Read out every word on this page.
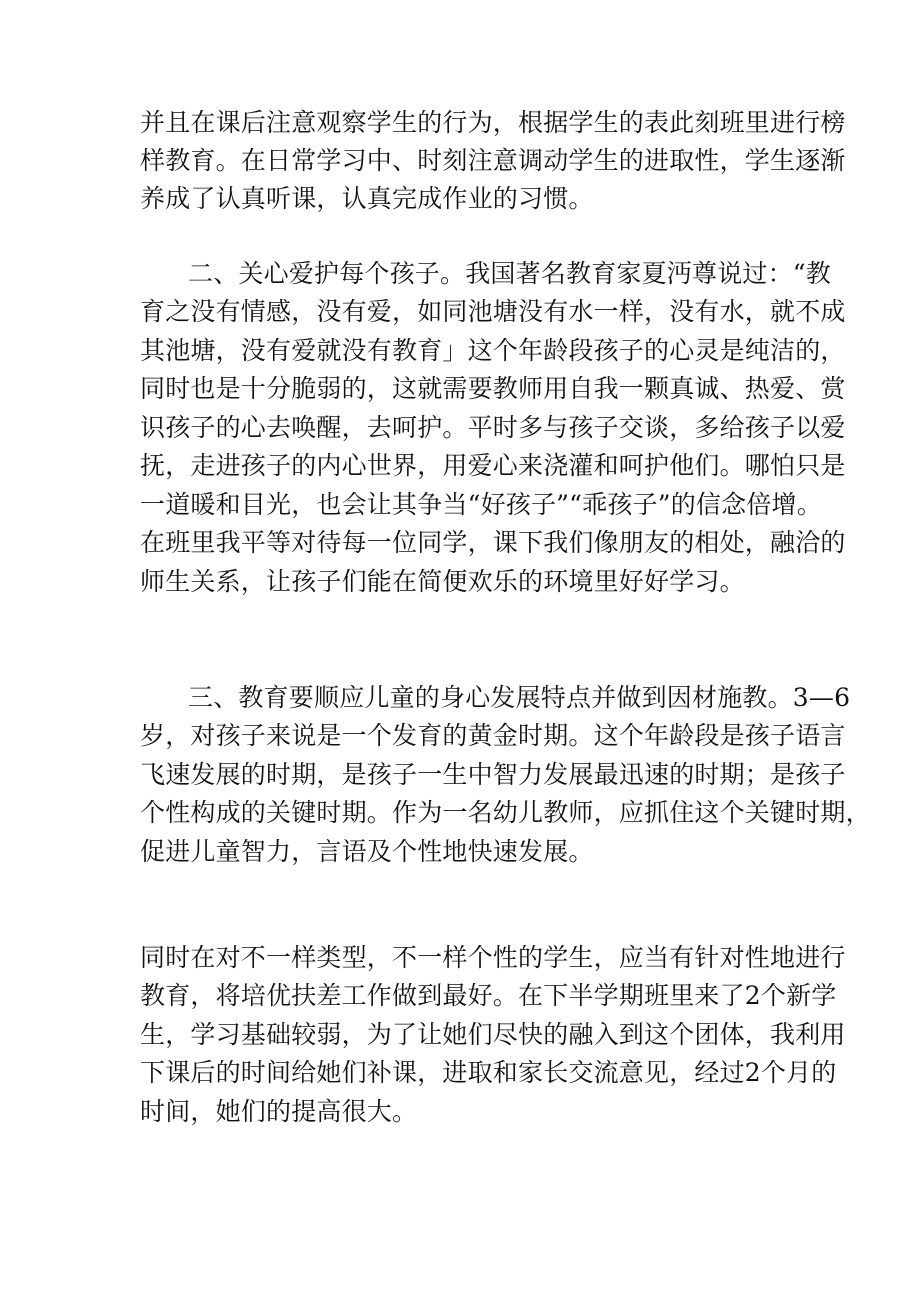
并且在课后注意观察学生的行为，根据学生的表此刻班里进行榜
样教育。在日常学习中、时刻注意调动学生的进取性，学生逐渐
养成了认真听课，认真完成作业的习惯。
二、关心爱护每个孩子。我国著名教育家夏沔尊说过：“教
育之没有情感，没有爱，如同池塘没有水一样，没有水，就不成
其池塘，没有爱就没有教育」这个年龄段孩子的心灵是纯洁的，
同时也是十分脆弱的，这就需要教师用自我一颗真诚、热爱、赏
识孩子的心去唤醒，去呵护。平时多与孩子交谈，多给孩子以爱
抚，走进孩子的内心世界，用爱心来浇灌和呵护他们。哪怕只是
一道暖和目光，也会让其争当“好孩子”“乖孩子”的信念倍增。
在班里我平等对待每一位同学，课下我们像朋友的相处，融洽的
师生关系，让孩子们能在简便欢乐的环境里好好学习。
三、教育要顺应儿童的身心发展特点并做到因材施教。3—6
岁，对孩子来说是一个发育的黄金时期。这个年龄段是孩子语言
飞速发展的时期，是孩子一生中智力发展最迅速的时期；是孩子
个性构成的关键时期。作为一名幼儿教师，应抓住这个关键时期，
促进儿童智力，言语及个性地快速发展。
同时在对不一样类型，不一样个性的学生，应当有针对性地进行
教育，将培优扶差工作做到最好。在下半学期班里来了2个新学
生，学习基础较弱，为了让她们尽快的融入到这个团体，我利用
下课后的时间给她们补课，进取和家长交流意见，经过2个月的
时间，她们的提高很大。
